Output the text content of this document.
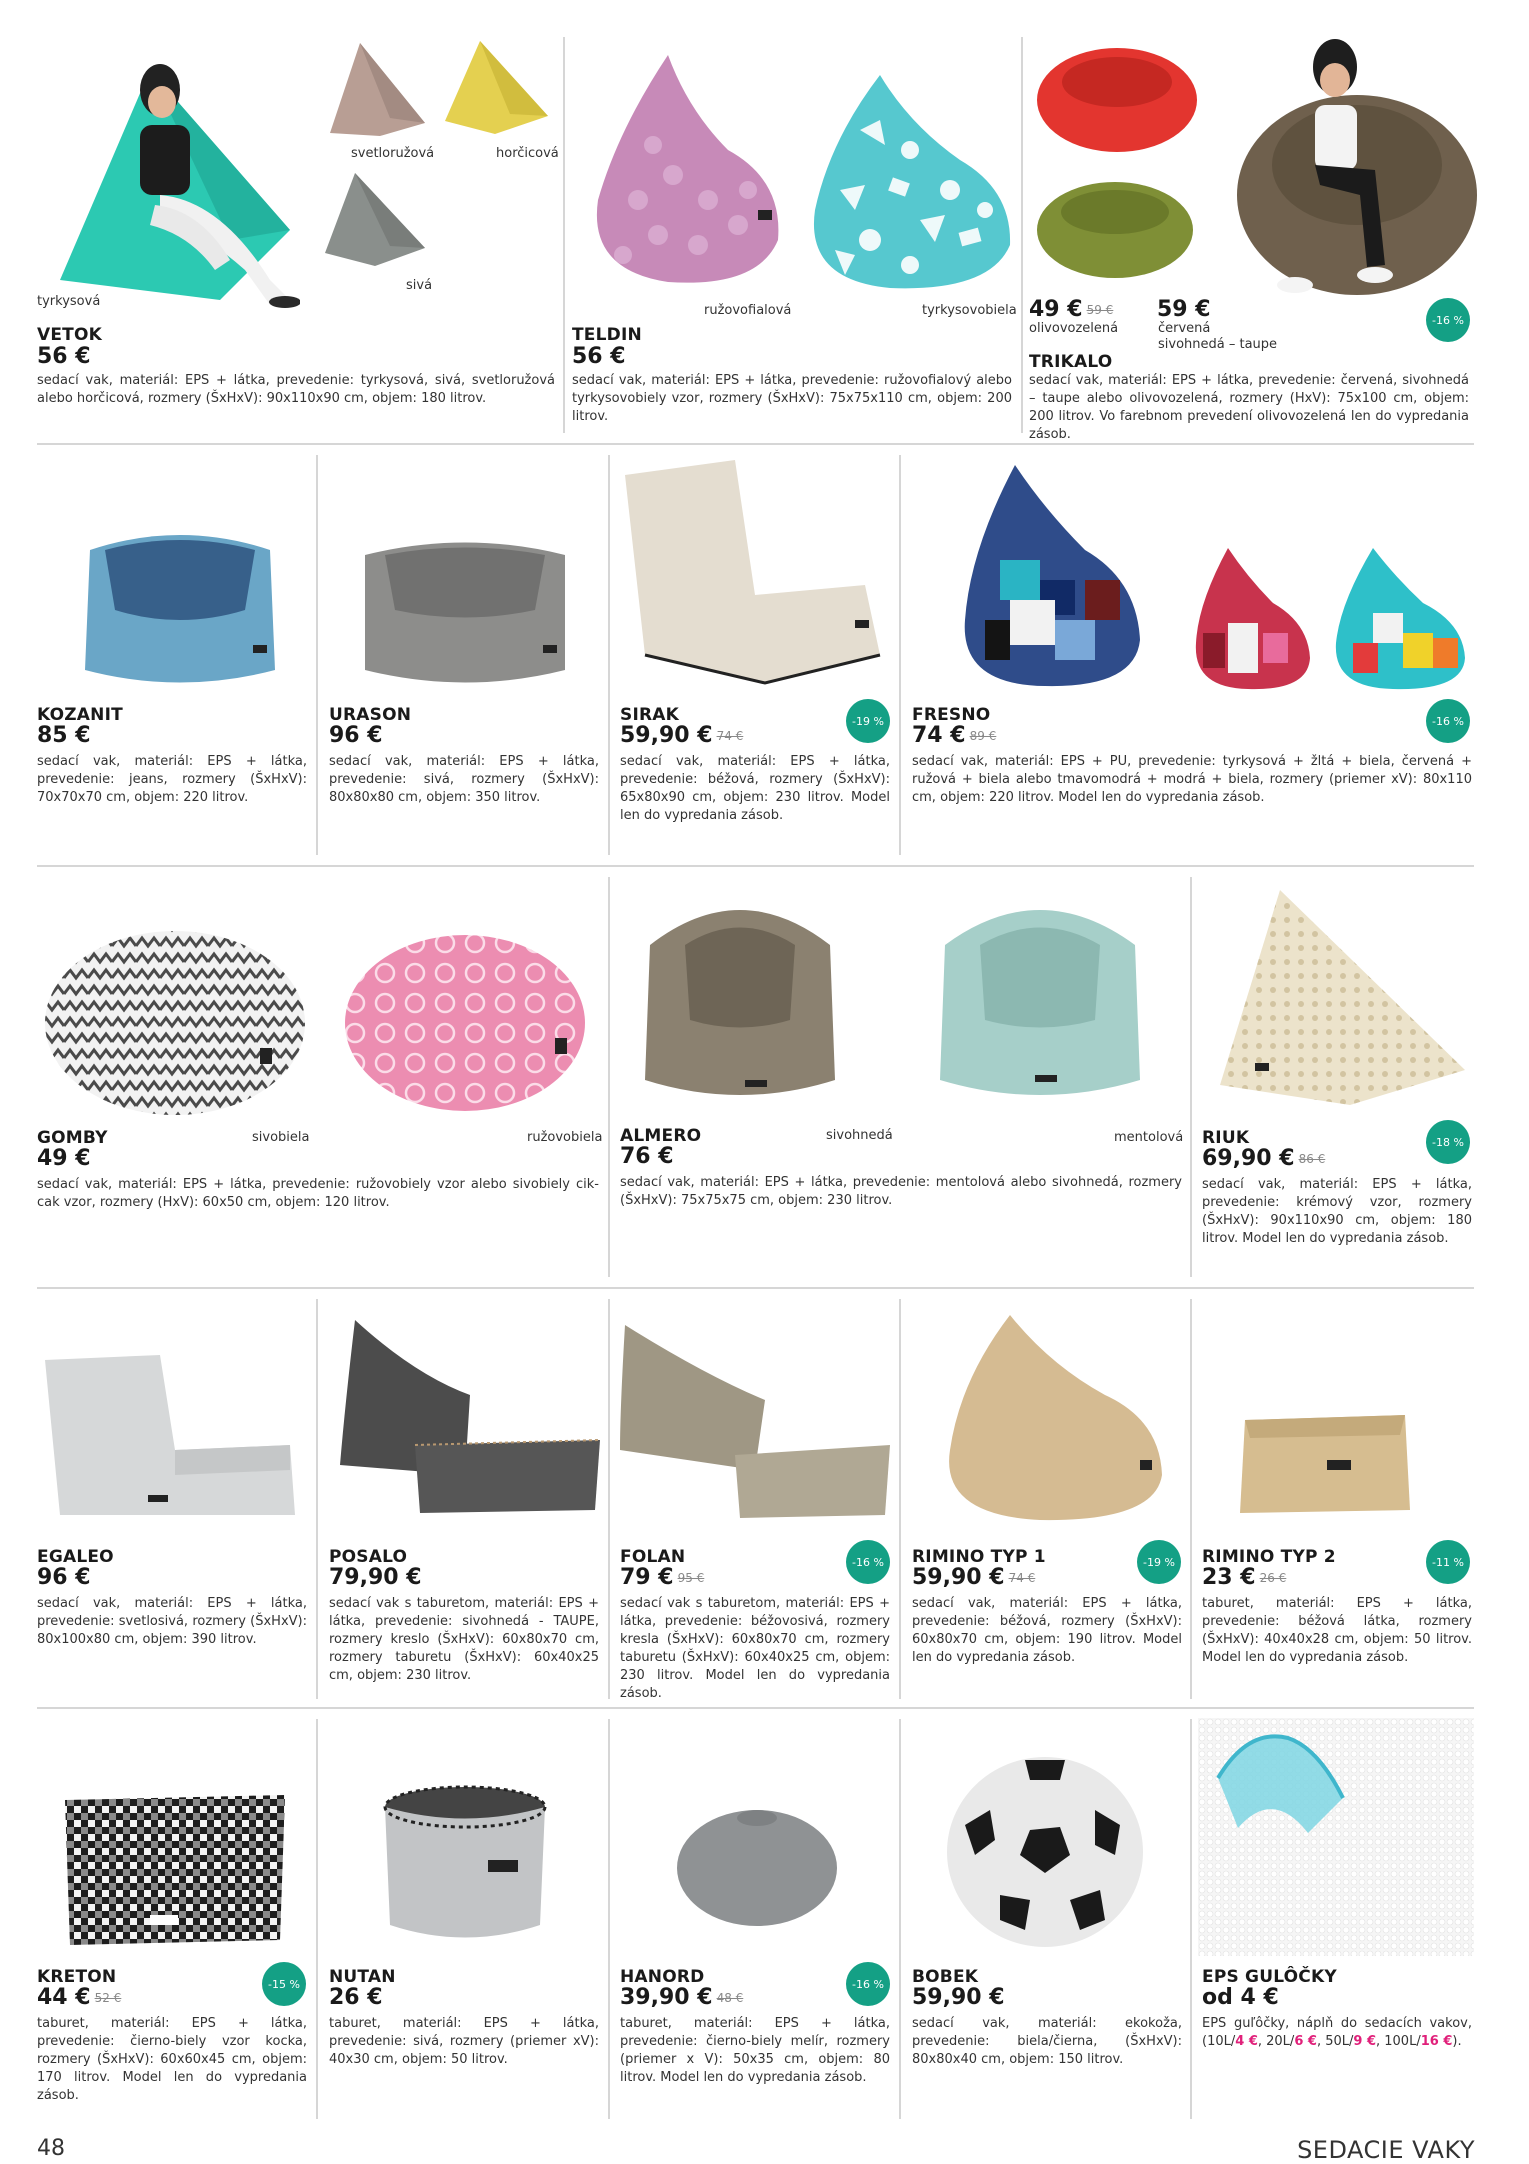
tyrkysová
svetloružová	horčicová
sivá
VETOK
56 €
sedací vak, materiál: EPS + látka, prevedenie: tyrkysová, sivá, svetloružová alebo horčicová, rozmery (ŠxHxV): 90x110x90 cm, objem: 180 litrov.
ružovofialová	tyrkysovobiela
TELDIN
56 €
sedací vak, materiál: EPS + látka, prevedenie: ružovofialový alebo tyrkysovobiely vzor, rozmery (ŠxHxV): 75x75x110 cm, objem: 200 litrov.
49 € 59 €
olivovozelená
59 €
červená
sivohnedá – taupe
-16 %
TRIKALO
sedací vak, materiál: EPS + látka, prevedenie: červená, sivohnedá – taupe alebo olivovozelená, rozmery (HxV): 75x100 cm, objem: 200 litrov. Vo farebnom prevedení olivovozelená len do vypredania zásob.
KOZANIT
85 €
sedací vak, materiál: EPS + látka, prevedenie: jeans, rozmery (ŠxHxV): 70x70x70 cm, objem: 220 litrov.
URASON
96 €
sedací vak, materiál: EPS + látka, prevedenie: sivá, rozmery (ŠxHxV): 80x80x80 cm, objem: 350 litrov.
-19 %
SIRAK
59,90 € 74 €
sedací vak, materiál: EPS + látka, prevedenie: béžová, rozmery (ŠxHxV): 65x80x90 cm, objem: 230 litrov. Model len do vypredania zásob.
-16 %
FRESNO
74 € 89 €
sedací vak, materiál: EPS + PU, prevedenie: tyrkysová + žltá + biela, červená + ružová + biela alebo tmavomodrá + modrá + biela, rozmery (priemer xV): 80x110 cm, objem: 220 litrov. Model len do vypredania zásob.
sivobiela	ružovobiela
GOMBY
49 €
sedací vak, materiál: EPS + látka, prevedenie: ružovobiely vzor alebo sivobiely cik-cak vzor, rozmery (HxV): 60x50 cm, objem: 120 litrov.
sivohnedá	mentolová
ALMERO
76 €
sedací vak, materiál: EPS + látka, prevedenie: mentolová alebo sivohnedá, rozmery (ŠxHxV): 75x75x75 cm, objem: 230 litrov.
-18 %
RIUK
69,90 € 86 €
sedací vak, materiál: EPS + látka, prevedenie: krémový vzor, rozmery (ŠxHxV): 90x110x90 cm, objem: 180 litrov. Model len do vypredania zásob.
EGALEO
96 €
sedací vak, materiál: EPS + látka, prevedenie: svetlosivá, rozmery (ŠxHxV): 80x100x80 cm, objem: 390 litrov.
POSALO
79,90 €
sedací vak s taburetom, materiál: EPS + látka, prevedenie: sivohnedá - TAUPE, rozmery kreslo (ŠxHxV): 60x80x70 cm, rozmery taburetu (ŠxHxV): 60x40x25 cm, objem: 230 litrov.
-16 %
FOLAN
79 € 95 €
sedací vak s taburetom, materiál: EPS + látka, prevedenie: béžovosivá, rozmery kresla (ŠxHxV): 60x80x70 cm, rozmery taburetu (ŠxHxV): 60x40x25 cm, objem: 230 litrov. Model len do vypredania zásob.
-19 %
RIMINO TYP 1
59,90 € 74 €
sedací vak, materiál: EPS + látka, prevedenie: béžová, rozmery (ŠxHxV): 60x80x70 cm, objem: 190 litrov. Model len do vypredania zásob.
-11 %
RIMINO TYP 2
23 € 26 €
taburet, materiál: EPS + látka, prevedenie: béžová látka, rozmery (ŠxHxV): 40x40x28 cm, objem: 50 litrov. Model len do vypredania zásob.
-15 %
KRETON
44 € 52 €
taburet, materiál: EPS + látka, prevedenie: čierno-biely vzor kocka, rozmery (ŠxHxV): 60x60x45 cm, objem: 170 litrov. Model len do vypredania zásob.
NUTAN
26 €
taburet, materiál: EPS + látka, prevedenie: sivá, rozmery (priemer xV): 40x30 cm, objem: 50 litrov.
-16 %
HANORD
39,90 € 48 €
taburet, materiál: EPS + látka, prevedenie: čierno-biely melír, rozmery (priemer x V): 50x35 cm, objem: 80 litrov. Model len do vypredania zásob.
BOBEK
59,90 €
sedací vak, materiál: ekokoža, prevedenie: biela/čierna, (ŠxHxV): 80x80x40 cm, objem: 150 litrov.
EPS GULÔČKY
od 4 €
EPS guľôčky, náplň do sedacích vakov, (10L/4 €, 20L/6 €, 50L/9 €, 100L/16 €).
48	SEDACIE VAKY
